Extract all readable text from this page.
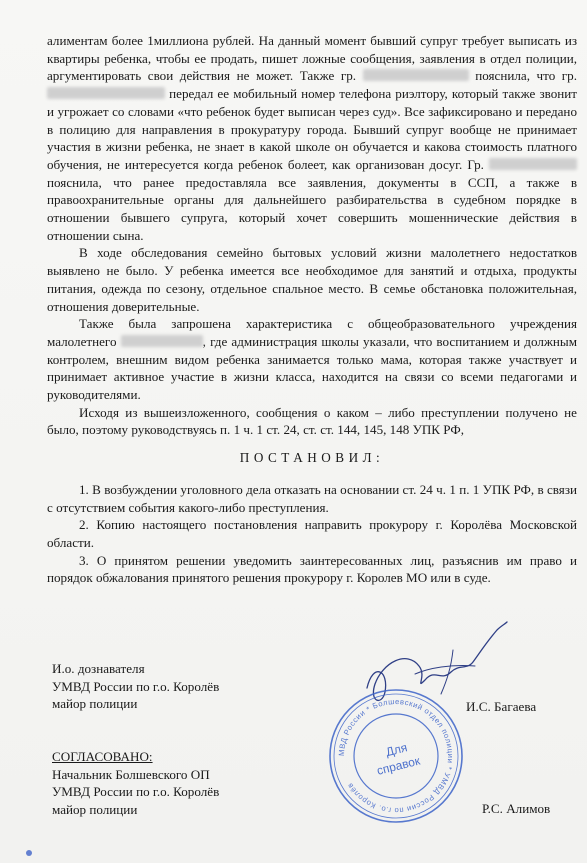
алиментам более 1миллиона рублей. На данный момент бывший супруг требует выписать из квартиры ребенка, чтобы ее продать, пишет ложные сообщения, заявления в отдел полиции, аргументировать свои действия не может. Также гр.	пояснила, что гр.  передал ее мобильный номер телефона риэлтору, который также звонит и угрожает со словами «что ребенок будет выписан через суд». Все зафиксировано и передано в полицию для направления в прокуратуру города. Бывший супруг вообще не принимает участия в жизни ребенка, не знает в какой школе он обучается и какова стоимость платного обучения, не интересуется когда ребенок болеет, как организован досуг. Гр.  пояснила, что ранее предоставляла все заявления, документы в ССП, а также в правоохранительные органы для дальнейшего разбирательства в судебном порядке в отношении бывшего супруга, который хочет совершить мошеннические действия в отношении сына.

В ходе обследования семейно бытовых условий жизни малолетнего недостатков выявлено не было. У ребенка имеется все необходимое для занятий и отдыха, продукты питания, одежда по сезону, отдельное спальное место. В семье обстановка положительная, отношения доверительные.

Также была запрошена характеристика с общеобразовательного учреждения малолетнего	, где администрация школы указали, что воспитанием и должным контролем, внешним видом ребенка занимается только мама, которая также участвует и принимает активное участие в жизни класса, находится на связи со всеми педагогами и руководителями.

Исходя из вышеизложенного, сообщения о каком – либо преступлении получено не было, поэтому руководствуясь п. 1 ч. 1 ст. 24, ст. ст. 144, 145, 148 УПК РФ,

ПОСТАНОВИЛ:

1. В возбуждении уголовного дела отказать на основании ст. 24 ч. 1 п. 1 УПК РФ, в связи с отсутствием события какого-либо преступления.

2. Копию настоящего постановления направить прокурору г. Королёва Московской области.

3. О принятом решении уведомить заинтересованных лиц, разъяснив им право и порядок обжалования принятого решения прокурору г. Королев МО или в суде.

И.о. дознавателя
УМВД России по г.о. Королёв
майор полиции	И.С. Багаева
СОГЛАСОВАНО:
Начальник Болшевского ОП
УМВД России по г.о. Королёв
майор полиции	Р.С. Алимов
МВД России * Болшевский отдел полиции * УМВД России по г.о. Королёв
Для
справок
